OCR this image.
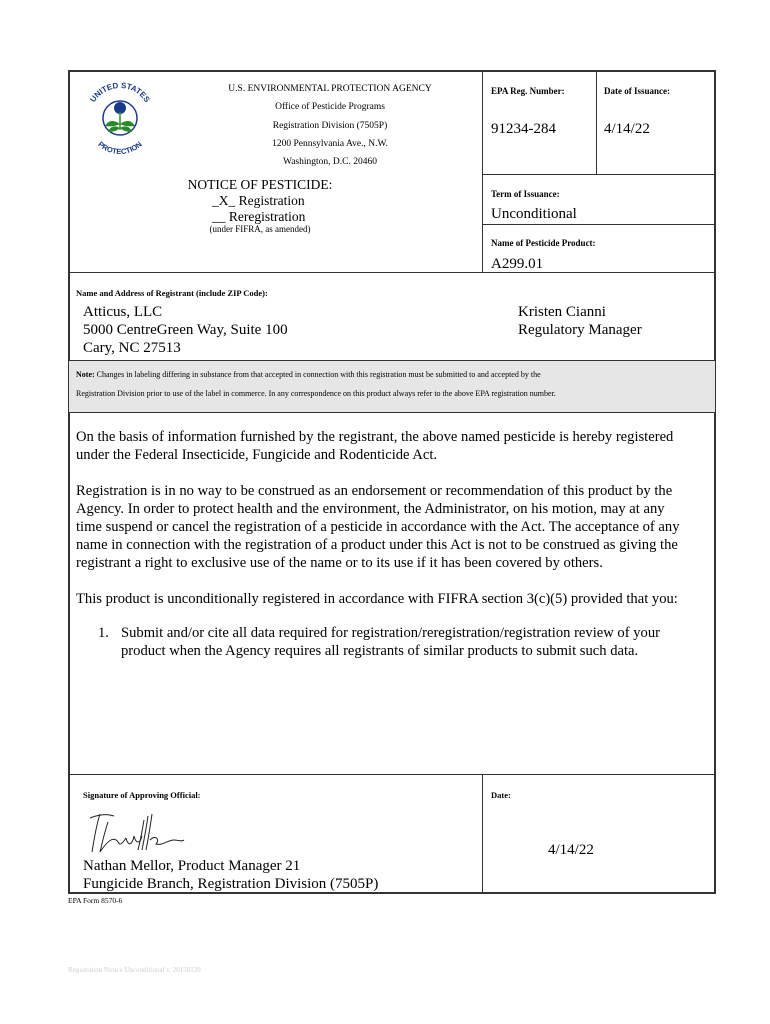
UNITED STATES
PROTECTION
U.S. ENVIRONMENTAL PROTECTION AGENCY
Office of Pesticide Programs
Registration Division (7505P)
1200 Pennsylvania Ave., N.W.
Washington, D.C. 20460
NOTICE OF PESTICIDE:
_X_ Registration
__ Reregistration
(under FIFRA, as amended)
EPA Reg. Number:
91234-284
Date of Issuance:
4/14/22
Term of Issuance:
Unconditional
Name of Pesticide Product:
A299.01
Name and Address of Registrant (include ZIP Code):
Atticus, LLC
5000 CentreGreen Way, Suite 100
Cary, NC 27513
Kristen Cianni
Regulatory Manager
Note: Changes in labeling differing in substance from that accepted in connection with this registration must be submitted to and accepted by the
Registration Division prior to use of the label in commerce. In any correspondence on this product always refer to the above EPA registration number.
On the basis of information furnished by the registrant, the above named pesticide is hereby registered
under the Federal Insecticide, Fungicide and Rodenticide Act.
Registration is in no way to be construed as an endorsement or recommendation of this product by the
Agency. In order to protect health and the environment, the Administrator, on his motion, may at any
time suspend or cancel the registration of a pesticide in accordance with the Act. The acceptance of any
name in connection with the registration of a product under this Act is not to be construed as giving the
registrant a right to exclusive use of the name or to its use if it has been covered by others.
This product is unconditionally registered in accordance with FIFRA section 3(c)(5) provided that you:
1. Submit and/or cite all data required for registration/reregistration/registration review of your
product when the Agency requires all registrants of similar products to submit such data.
Signature of Approving Official:
Nathan Mellor, Product Manager 21
Fungicide Branch, Registration Division (7505P)
Date:
4/14/22
EPA Form 8570-6
Registration Notice Unconditional v. 20150120
